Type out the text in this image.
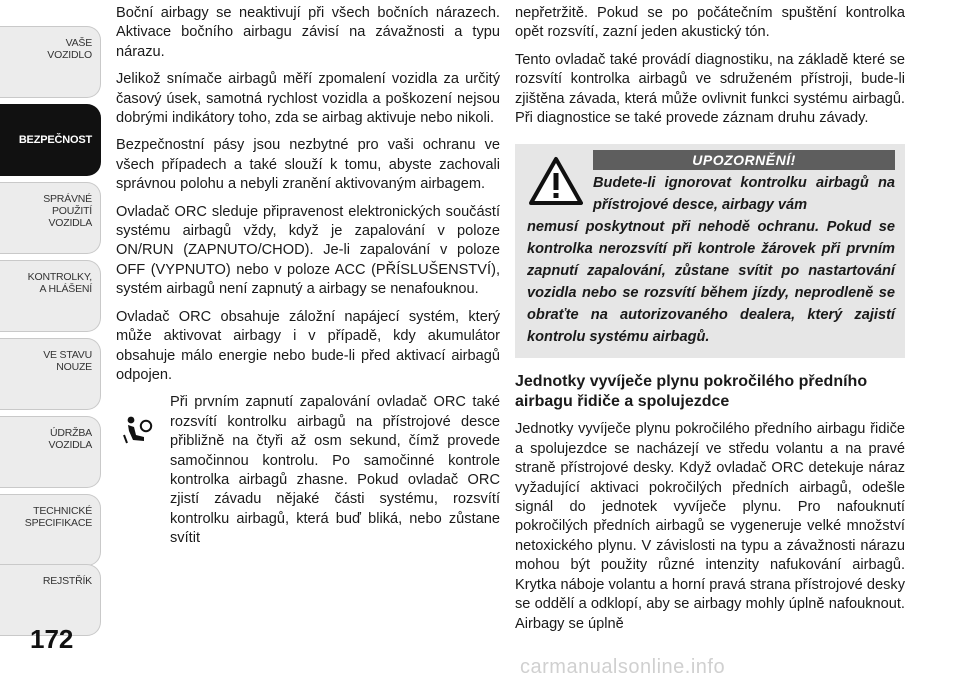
VAŠE
VOZIDLO
BEZPEČNOST
SPRÁVNÉ
POUŽITÍ
VOZIDLA
KONTROLKY,
A HLÁŠENÍ
VE STAVU
NOUZE
ÚDRŽBA
VOZIDLA
TECHNICKÉ
SPECIFIKACE
REJSTŘÍK
172

Boční airbagy se neaktivují při všech bočních nárazech. Aktivace bočního airbagu závisí na závažnosti a typu nárazu.

Jelikož snímače airbagů měří zpomalení vozidla za určitý časový úsek, samotná rychlost vozidla a poškození nejsou dobrými indikátory toho, zda se airbag aktivuje nebo nikoli.

Bezpečnostní pásy jsou nezbytné pro vaši ochranu ve všech případech a také slouží k tomu, abyste zachovali správnou polohu a nebyli zranění aktivovaným airbagem.

Ovladač ORC sleduje připravenost elektronických součástí systému airbagů vždy, když je zapalování v poloze ON/RUN (ZAPNUTO/CHOD). Je-li zapalování v poloze OFF (VYPNUTO) nebo v poloze ACC (PŘÍSLUŠENSTVÍ), systém airbagů není zapnutý a airbagy se nenafouknou.

Ovladač ORC obsahuje záložní napájecí systém, který může aktivovat airbagy i v případě, kdy akumulátor obsahuje málo energie nebo bude-li před aktivací airbagů odpojen.

Při prvním zapnutí zapalování ovladač ORC také rozsvítí kontrolku airbagů na přístrojové desce přibližně na čtyři až osm sekund, čímž provede samočinnou kontrolu. Po samočinné kontrole kontrolka airbagů zhasne. Pokud ovladač ORC zjistí závadu nějaké části systému, rozsvítí kontrolku airbagů, která buď bliká, nebo zůstane svítit

nepřetržitě. Pokud se po počátečním spuštění kontrolka opět rozsvítí, zazní jeden akustický tón.

Tento ovladač také provádí diagnostiku, na základě které se rozsvítí kontrolka airbagů ve sdruženém přístroji, bude-li zjištěna závada, která může ovlivnit funkci systému airbagů. Při diagnostice se také provede záznam druhu závady.

UPOZORNĚNÍ!
Budete-li ignorovat kontrolku airbagů na přístrojové desce, airbagy vám
nemusí poskytnout při nehodě ochranu. Pokud se kontrolka nerozsvítí při kontrole žárovek při prvním zapnutí zapalování, zůstane svítit po nastartování vozidla nebo se rozsvítí během jízdy, neprodleně se obraťte na autorizovaného dealera, který zajistí kontrolu systému airbagů.

Jednotky vyvíječe plynu pokročilého předního airbagu řidiče a spolujezdce

Jednotky vyvíječe plynu pokročilého předního airbagu řidiče a spolujezdce se nacházejí ve středu volantu a na pravé straně přístrojové desky. Když ovladač ORC detekuje náraz vyžadující aktivaci pokročilých předních airbagů, odešle signál do jednotek vyvíječe plynu. Pro nafouknutí pokročilých předních airbagů se vygeneruje velké množství netoxického plynu. V závislosti na typu a závažnosti nárazu mohou být použity různé intenzity nafukování airbagů. Krytka náboje volantu a horní pravá strana přístrojové desky se oddělí a odklopí, aby se airbagy mohly úplně nafouknout. Airbagy se úplně

carmanualsonline.info
